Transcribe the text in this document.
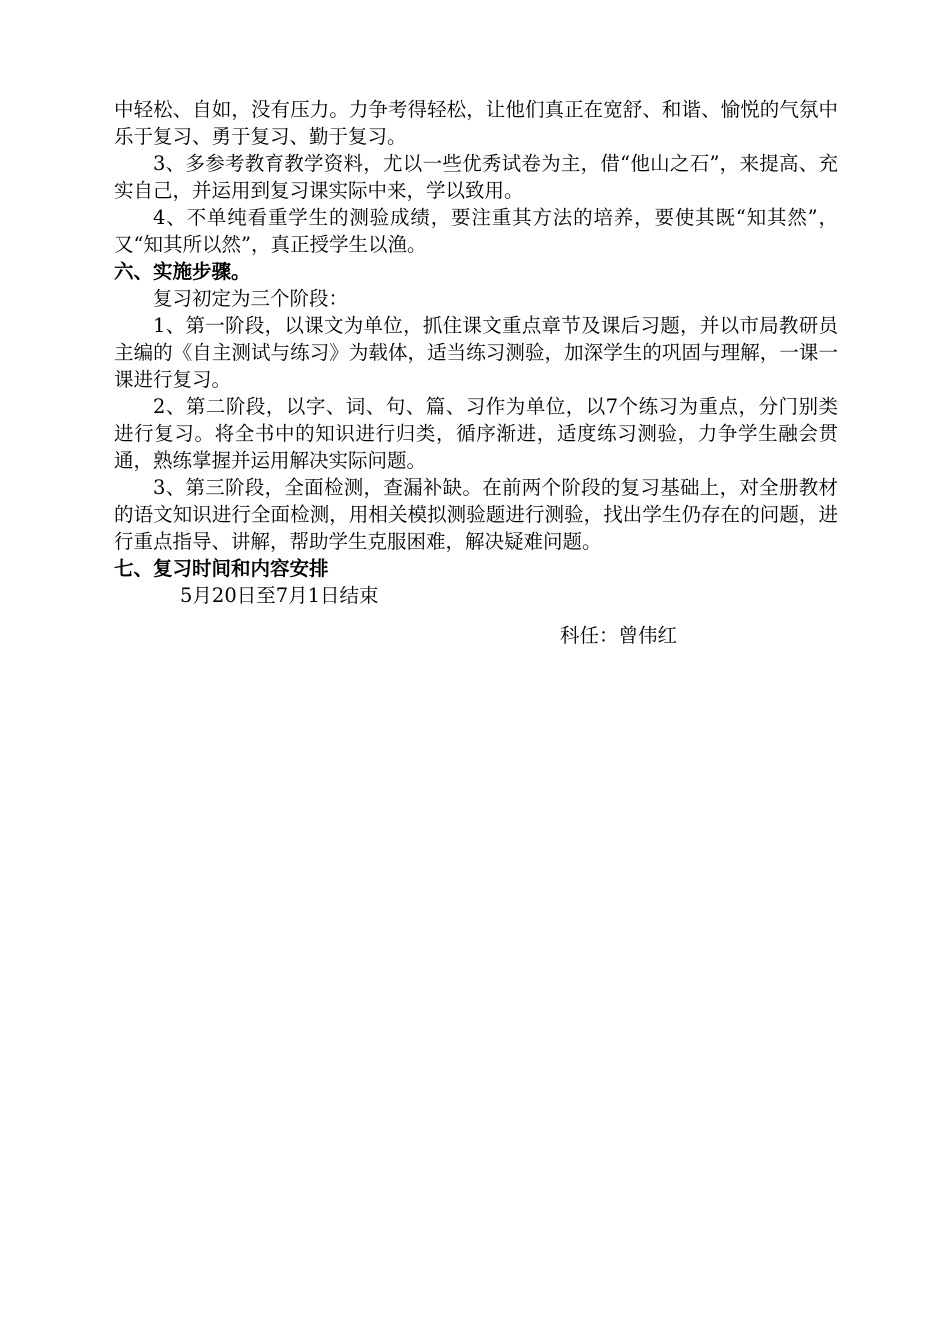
中轻松、自如，没有压力。力争考得轻松，让他们真正在宽舒、和谐、愉悦的气氛中乐于复习、勇于复习、勤于复习。

3、多参考教育教学资料，尤以一些优秀试卷为主，借“他山之石”，来提高、充实自己，并运用到复习课实际中来，学以致用。

4、不单纯看重学生的测验成绩，要注重其方法的培养，要使其既“知其然”，又“知其所以然”，真正授学生以渔。

六、实施步骤。

复习初定为三个阶段：

1、第一阶段，以课文为单位，抓住课文重点章节及课后习题，并以市局教研员主编的《自主测试与练习》为载体，适当练习测验，加深学生的巩固与理解，一课一课进行复习。

2、第二阶段，以字、词、句、篇、习作为单位，以7个练习为重点，分门别类进行复习。将全书中的知识进行归类，循序渐进，适度练习测验，力争学生融会贯通，熟练掌握并运用解决实际问题。

3、第三阶段，全面检测，查漏补缺。在前两个阶段的复习基础上，对全册教材的语文知识进行全面检测，用相关模拟测验题进行测验，找出学生仍存在的问题，进行重点指导、讲解，帮助学生克服困难，解决疑难问题。

七、复习时间和内容安排

5月20日至7月1日结束

科任：曾伟红
